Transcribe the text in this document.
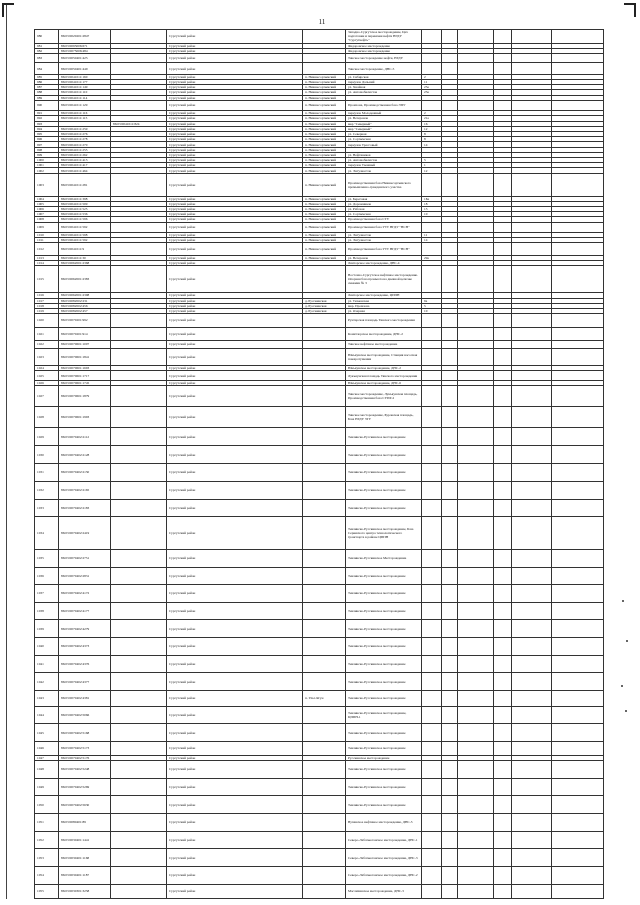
11
980	86:03:0020201:2847		Сургутский район		Западно-Сургутское месторождение, Цех подготовки и перекачки нефти НГДУ "Сургутнефть"						
981	86:03:0093006:671		Сургутский район		Федоровское месторождение						
982	86:03:0075006:484		Сургутский район		Федоровское месторождение						
983	86:03:0050401:425		Сургутский район		Тянское месторождение нефти, НГДУ						
984	86:03:0050401:449		Сургутский район		Тянское месторождение, ДНС-5						
985	86:03:0041011:160		Сургутский район	п. Нижнесортымский	ул. Сибирская	2					
986	86:03:0041011:177		Сургутский район	п. Нижнесортымский	переулок Дальний	11					
987	86:03:0041011:149		Сургутский район	п. Нижнесортымский	ул. Хвойная	25а					
988	86:03:0041011:110		Сургутский район	п. Нижнесортымский	ул. Автомобилистов	23а					
989	86:03:0041011:114		Сургутский район	п. Нижнесортымский							
990	86:03:0041011:129		Сургутский район	п. Нижнесортымский	Промзона, Производственная база ЭПУ						
991	86:03:0041011:116		Сургутский район	п. Нижнесортымский	переулок Молодежный	2					
992	86:03:0041011:115		Сургутский район	п. Нижнесортымский	ул. Ветеранов	21а					
993		86:03:0041011:824	Сургутский район	п. Нижнесортымский	мкр "Северный"	16					
994	86:03:0041011:259		Сургутский район	п. Нижнесортымский	мкр "Северный"	12					
995	86:03:0041011:276		Сургутский район	п. Нижнесортымский	ул. Северная	8					
996	86:03:0041011:278		Сургутский район	п. Нижнесортымский	ул. Сортымская	8					
997	86:03:0041011:270		Сургутский район	п. Нижнесортымский	переулок Трассовый	14					
998	86:03:0041011:255		Сургутский район	п. Нижнесортымский							
999	86:03:0041011:262		Сургутский район	п. Нижнесортымский	ул. Нефтяников						
1000	86:03:0041011:413		Сургутский район	п. Нижнесортымский	ул. Автомобилистов	5					
1001	86:03:0041011:417		Сургутский район	п. Нижнесортымский	переулок Таежный	1					
1002	86:03:0041011:464		Сургутский район	п. Нижнесортымский	ул. Энтузиастов	12					
1003	86:03:0041011:281		Сургутский район	п. Нижнесортымский	Производственная база Нижнесортымского промышленно-гражданского участка						
1004	86:03:0041011:398		Сургутский район	п. Нижнесортымский	ул. Береговая	1Ба					
1005	86:03:0041011:509		Сургутский район	п. Нижнесортымский	ул. Дорожников	18					
1006	86:03:0041011:525		Сургутский район	п. Нижнесортымский	ул. Рабочая	13					
1007	86:03:0041011:536		Сургутский район	п. Нижнесортымский	ул. Сортымская	10					
1008	86:03:0041011:596		Сургутский район	п. Нижнесортымский	Производственная база СТУ						
1009	86:03:0041011:592		Сургутский район	п. Нижнесортымский	Производственная база УТТ НГДУ "НСН"						
1010	86:03:0041011:598		Сургутский район	п. Нижнесортымский	ул. Энтузиастов	11					
1011	86:03:0041011:592		Сургутский район	п. Нижнесортымский	ул. Энтузиастов	14					
1012	86:03:0041011:9		Сургутский район	п. Нижнесортымский	Производственная база УТТ НГДУ "НСН"						
1013	86:03:0041011:30		Сургутский район	п. Нижнесортымский	ул. Ветеранов	29а					
1014	86:03:0062001:2368		Сургутский район		Лянторское месторождение, ДНС-4						
1015	86:03:0062001:2383		Сургутский район		Восточно-Сургутское нефтяное месторождение. Опорная база промысла на дневной цепочке скважин № 3						
1016	86:03:0062001:2398		Сургутский район		Лянторское месторождение, ЦППН						
1017	86:03:0082002:231		Сургутский район	д. Русскинская	ул. Тюменская	9а					
1018	86:03:0082002:456		Сургутский район	д. Русскинская	мкр. Промзона	5					
1019	86:03:0082002:457		Сургутский район	д. Русскинская	ул. Озерная	10					
1020	86:03:0070201:992		Сургутский район		Рунтарская площадь Тянского месторождения						
1021	86:03:0070201:914		Сургутский район		Конитлорское месторождение, ДНС-2						
1022	86:03:0070601:1007		Сургутский район		Тянское нефтяное месторождение						
1023	86:03:0070601:1841		Сургутский район		Юкъяунское месторождение, Станция насосная пожаротушения						
1024	86:03:0070601:1693		Сургутский район		Юкъяунское месторождение, ДНС-2						
1025	86:03:0070601:1717		Сургутский район		Лукъяунская площадь Тянского месторождения						
1026	86:03:0070601:1745		Сургутский район		Юкъяунское месторождение, ДНС-6						
1027	86:03:0070601:1879		Сургутский район		Тянское месторождение, Лукъяунская площадь, Производственная база СУПР-2						
1028	86:03:0070601:1993		Сургутский район		Тянское месторождение, Буровская площадь, База НГДУ ЗТУ						
1029	86:03:0070402:2112		Сургутский район		Тевлинско-Русскинское месторождение						
1030	86:03:0070402:2128		Сургутский район		Тевлинско-Русскинское месторождение						
1031	86:03:0070402:2150		Сургутский район		Тевлинско-Русскинское месторождение						
1032	86:03:0070402:2165		Сургутский район		Тевлинско-Русскинское месторождение						
1033	86:03:0070402:2183		Сургутский район		Тевлинско-Русскинское месторождение						
1034	86:03:0070402:2419		Сургутский район		Тевлинско-Русскинское месторождение, База Сервисного центра технологического транспорта в районе ЦППН						
1035	86:03:0070402:2751		Сургутский район		Тевлинско-Русскинское Месторождение						
1036	86:03:0070402:2831		Сургутский район		Тевлинско-Русскинское месторождение						
1037	86:03:0070402:4172		Сургутский район		Тевлинско-Русскинское месторождение						
1038	86:03:0070402:4177		Сургутский район		Тевлинско-Русскинское месторождение						
1039	86:03:0070402:4279		Сургутский район		Тевлинско-Русскинское месторождение						
1040	86:03:0070402:4373		Сургутский район		Тевлинско-Русскинское месторождение						
1041	86:03:0070402:4376		Сургутский район		Тевлинско-Русскинское месторождение						
1042	86:03:0070402:4377		Сургутский район		Тевлинско-Русскинское месторождение						
1043	86:03:0070402:4381		Сургутский район	п. Ульт-Ягун	Тевлинско-Русскинское месторождение						
1044	86:03:0070402:5066		Сургутский район		Тевлинско-Русскинское месторождение, ЦППН-1						
1045	86:03:0070402:5168		Сургутский район		Тевлинско-Русскинское месторождение						
1046	86:03:0070402:5173		Сургутский район		Тевлинско-Русскинское месторождение						
1047	86:03:0070402:5176		Сургутский район		Русскинское месторождение						
1048	86:03:0070402:5248		Сургутский район		Тевлинско-Русскинское месторождение						
1049	86:03:0070402:5269		Сургутский район		Тевлинско-Русскинское месторождение						
1050	86:03:0070402:5630		Сургутский район		Тевлинско-Русскинское месторождение						
1051	86:03:0080401:89		Сургутский район		Вупанское нефтяное месторождение, ДНС-3						
1052	86:03:0030401:1441		Сургутский район		Северо-Лабатьюганское месторождение, ДНС-1						
1053	86:03:0030401:1168		Сургутский район		Северо-Лабатьюганское месторождение, ДНС-3						
1054	86:03:0030401:1187		Сургутский район		Северо-Лабатьюганское месторождение, ДНС-2						
1055	86:03:0030301:3258		Сургутский район		Маслихинское месторождение, ДНС-3						
